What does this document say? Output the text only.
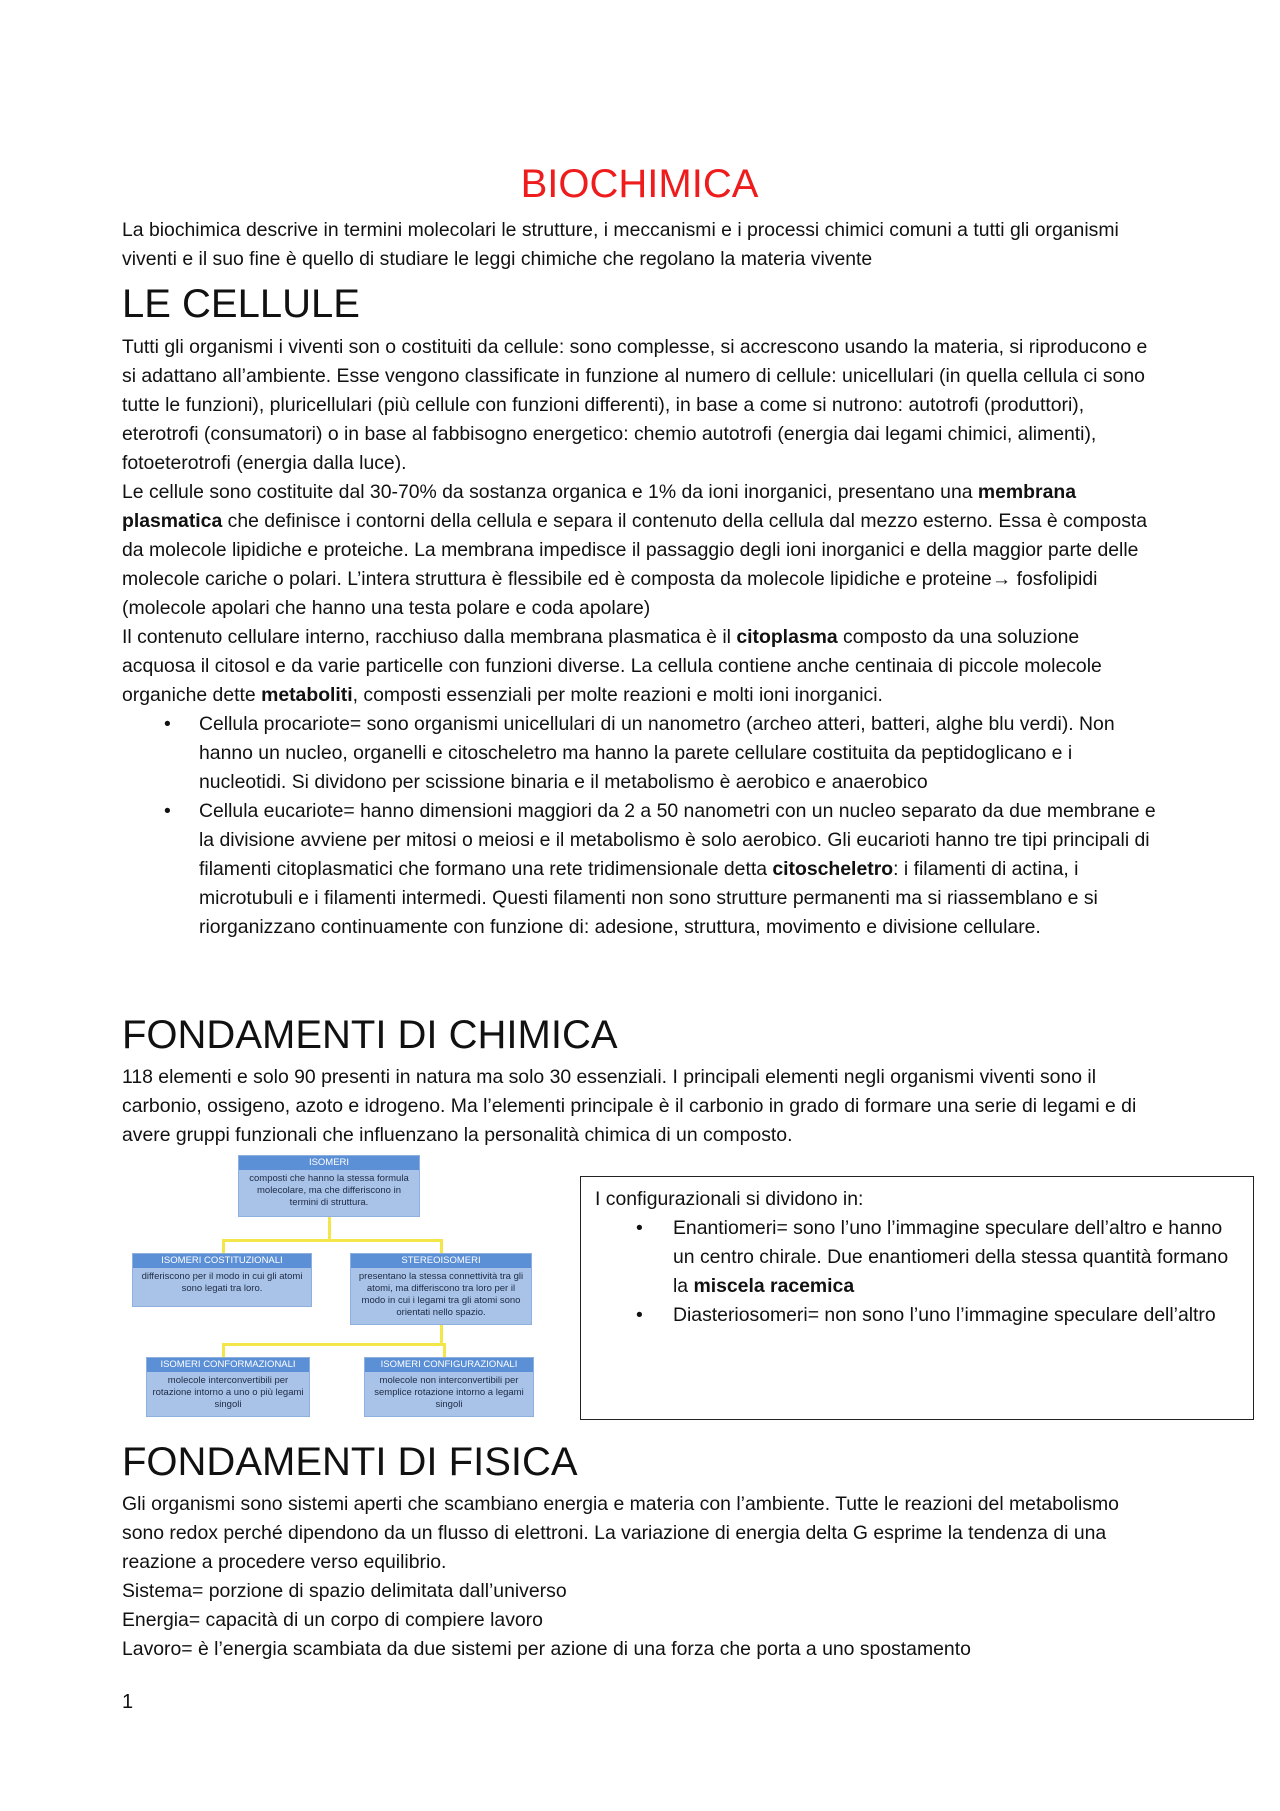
BIOCHIMICA

La biochimica descrive in termini molecolari le strutture, i meccanismi e i processi chimici comuni a tutti gli organismi viventi e il suo fine è quello di studiare le leggi chimiche che regolano la materia vivente

LE CELLULE

Tutti gli organismi i viventi son o costituiti da cellule: sono complesse, si accrescono usando la materia, si riproducono e si adattano all’ambiente. Esse vengono classificate in funzione al numero di cellule: unicellulari (in quella cellula ci sono tutte le funzioni), pluricellulari (più cellule con funzioni differenti), in base a come si nutrono: autotrofi (produttori), eterotrofi (consumatori) o in base al fabbisogno energetico: chemio autotrofi (energia dai legami chimici, alimenti), fotoeterotrofi (energia dalla luce).

Le cellule sono costituite dal 30-70% da sostanza organica e 1% da ioni inorganici, presentano una membrana plasmatica che definisce i contorni della cellula e separa il contenuto della cellula dal mezzo esterno. Essa è composta da molecole lipidiche e proteiche. La membrana impedisce il passaggio degli ioni inorganici e della maggior parte delle molecole cariche o polari. L’intera struttura è flessibile ed è composta da molecole lipidiche e proteine→ fosfolipidi (molecole apolari che hanno una testa polare e coda apolare)

Il contenuto cellulare interno, racchiuso dalla membrana plasmatica è il citoplasma composto da una soluzione acquosa il citosol e da varie particelle con funzioni diverse. La cellula contiene anche centinaia di piccole molecole organiche dette metaboliti, composti essenziali per molte reazioni e molti ioni inorganici.

• Cellula procariote= sono organismi unicellulari di un nanometro (archeo atteri, batteri, alghe blu verdi). Non hanno un nucleo, organelli e citoscheletro ma hanno la parete cellulare costituita da peptidoglicano e i nucleotidi. Si dividono per scissione binaria e il metabolismo è aerobico e anaerobico
• Cellula eucariote= hanno dimensioni maggiori da 2 a 50 nanometri con un nucleo separato da due membrane e la divisione avviene per mitosi o meiosi e il metabolismo è solo aerobico. Gli eucarioti hanno tre tipi principali di filamenti citoplasmatici che formano una rete tridimensionale detta citoscheletro: i filamenti di actina, i microtubuli e i filamenti intermedi. Questi filamenti non sono strutture permanenti ma si riassemblano e si riorganizzano continuamente con funzione di: adesione, struttura, movimento e divisione cellulare.
FONDAMENTI DI CHIMICA

118 elementi e solo 90 presenti in natura ma solo 30 essenziali. I principali elementi negli organismi viventi sono il carbonio, ossigeno, azoto e idrogeno. Ma l’elementi principale è il carbonio in grado di formare una serie di legami e di avere gruppi funzionali che influenzano la personalità chimica di un composto.

ISOMERI
composti che hanno la stessa formula molecolare, ma che differiscono in termini di struttura.
ISOMERI COSTITUZIONALI
differiscono per il modo in cui gli atomi sono legati tra loro.
STEREOISOMERI
presentano la stessa connettività tra gli atomi, ma differiscono tra loro per il modo in cui i legami tra gli atomi sono orientati nello spazio.
ISOMERI CONFORMAZIONALI
molecole interconvertibili per rotazione intorno a uno o più legami singoli
ISOMERI CONFIGURAZIONALI
molecole non interconvertibili per semplice rotazione intorno a legami singoli

I configurazionali si dividono in:

• Enantiomeri= sono l’uno l’immagine speculare dell’altro e hanno un centro chirale. Due enantiomeri della stessa quantità formano la miscela racemica
• Diasteriosomeri= non sono l’uno l’immagine speculare dell’altro
FONDAMENTI DI FISICA

Gli organismi sono sistemi aperti che scambiano energia e materia con l’ambiente. Tutte le reazioni del metabolismo sono redox perché dipendono da un flusso di elettroni. La variazione di energia delta G esprime la tendenza di una reazione a procedere verso equilibrio.

Sistema= porzione di spazio delimitata dall’universo

Energia= capacità di un corpo di compiere lavoro

Lavoro= è l’energia scambiata da due sistemi per azione di una forza che porta a uno spostamento

1
